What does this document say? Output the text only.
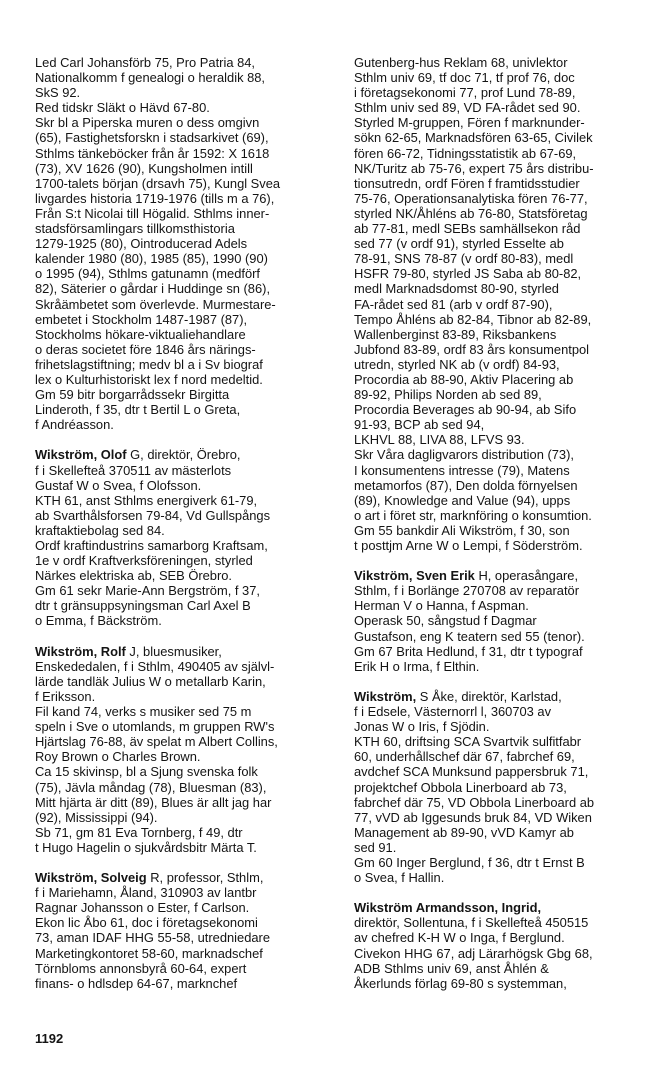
Led Carl Johansförb 75, Pro Patria 84,
Nationalkomm f genealogi o heraldik 88,
SkS 92.
Red tidskr Släkt o Hävd 67-80.
Skr bl a Piperska muren o dess omgivn
(65), Fastighetsforskn i stadsarkivet (69),
Sthlms tänkeböcker från år 1592: X 1618
(73), XV 1626 (90), Kungsholmen intill
1700-talets början (drsavh 75), Kungl Svea
livgardes historia 1719-1976 (tills m a 76),
Från S:t Nicolai till Högalid. Sthlms inner-
stadsförsamlingars tillkomsthistoria
1279-1925 (80), Ointroducerad Adels
kalender 1980 (80), 1985 (85), 1990 (90)
o 1995 (94), Sthlms gatunamn (medförf
82), Säterier o gårdar i Huddinge sn (86),
Skråämbetet som överlevde. Murmestare-
embetet i Stockholm 1487-1987 (87),
Stockholms hökare-viktualiehandlare
o deras societet före 1846 års närings-
frihetslagstiftning; medv bl a i Sv biograf
lex o Kulturhistoriskt lex f nord medeltid.
Gm 59 bitr borgarrådssekr Birgitta
Linderoth, f 35, dtr t Bertil L o Greta,
f Andréasson.
Wikström, Olof G, direktör, Örebro,
f i Skellefteå 370511 av mästerlots
Gustaf W o Svea, f Olofsson.
KTH 61, anst Sthlms energiverk 61-79,
ab Svarthålsforsen 79-84, Vd Gullspångs
kraftaktiebolag sed 84.
Ordf kraftindustrins samarborg Kraftsam,
1e v ordf Kraftverksföreningen, styrled
Närkes elektriska ab, SEB Örebro.
Gm 61 sekr Marie-Ann Bergström, f 37,
dtr t gränsuppsyningsman Carl Axel B
o Emma, f Bäckström.
Wikström, Rolf J, bluesmusiker,
Enskededalen, f i Sthlm, 490405 av självl-
lärde tandläk Julius W o metallarb Karin,
f Eriksson.
Fil kand 74, verks s musiker sed 75 m
speln i Sve o utomlands, m gruppen RW's
Hjärtslag 76-88, äv spelat m Albert Collins,
Roy Brown o Charles Brown.
Ca 15 skivinsp, bl a Sjung svenska folk
(75), Jävla måndag (78), Bluesman (83),
Mitt hjärta är ditt (89), Blues är allt jag har
(92), Mississippi (94).
Sb 71, gm 81 Eva Tornberg, f 49, dtr
t Hugo Hagelin o sjukvårdsbitr Märta T.
Wikström, Solveig R, professor, Sthlm,
f i Mariehamn, Åland, 310903 av lantbr
Ragnar Johansson o Ester, f Carlson.
Ekon lic Åbo 61, doc i företagsekonomi
73, aman IDAF HHG 55-58, utredniedare
Marketingkontoret 58-60, marknadschef
Törnbloms annonsbyrå 60-64, expert
finans- o hdlsdep 64-67, marknchef
Gutenberg-hus Reklam 68, univlektor
Sthlm univ 69, tf doc 71, tf prof 76, doc
i företagsekonomi 77, prof Lund 78-89,
Sthlm univ sed 89, VD FA-rådet sed 90.
Styrled M-gruppen, Fören f marknunder-
sökn 62-65, Marknadsfören 63-65, Civilek
fören 66-72, Tidningsstatistik ab 67-69,
NK/Turitz ab 75-76, expert 75 års distribu-
tionsutredn, ordf Fören f framtidsstudier
75-76, Operationsanalytiska fören 76-77,
styrled NK/Åhléns ab 76-80, Statsföretag
ab 77-81, medl SEBs samhällsekon råd
sed 77 (v ordf 91), styrled Esselte ab
78-91, SNS 78-87 (v ordf 80-83), medl
HSFR 79-80, styrled JS Saba ab 80-82,
medl Marknadsdomst 80-90, styrled
FA-rådet sed 81 (arb v ordf 87-90),
Tempo Åhléns ab 82-84, Tibnor ab 82-89,
Wallenberginst 83-89, Riksbankens
Jubfond 83-89, ordf 83 års konsumentpol
utredn, styrled NK ab (v ordf) 84-93,
Procordia ab 88-90, Aktiv Placering ab
89-92, Philips Norden ab sed 89,
Procordia Beverages ab 90-94, ab Sifo
91-93, BCP ab sed 94,
LKHVL 88, LIVA 88, LFVS 93.
Skr Våra dagligvarors distribution (73),
I konsumentens intresse (79), Matens
metamorfos (87), Den dolda förnyelsen
(89), Knowledge and Value (94), upps
o art i föret str, marknföring o konsumtion.
Gm 55 bankdir Ali Wikström, f 30, son
t posttjm Arne W o Lempi, f Söderström.
Vikström, Sven Erik H, operasångare,
Sthlm, f i Borlänge 270708 av reparatör
Herman V o Hanna, f Aspman.
Operask 50, sångstud f Dagmar
Gustafson, eng K teatern sed 55 (tenor).
Gm 67 Brita Hedlund, f 31, dtr t typograf
Erik H o Irma, f Elthin.
Wikström, S Åke, direktör, Karlstad,
f i Edsele, Västernorrl l, 360703 av
Jonas W o Iris, f Sjödin.
KTH 60, driftsing SCA Svartvik sulfitfabr
60, underhållschef där 67, fabrchef 69,
avdchef SCA Munksund pappersbruk 71,
projektchef Obbola Linerboard ab 73,
fabrchef där 75, VD Obbola Linerboard ab
77, vVD ab Iggesunds bruk 84, VD Wiken
Management ab 89-90, vVD Kamyr ab
sed 91.
Gm 60 Inger Berglund, f 36, dtr t Ernst B
o Svea, f Hallin.
Wikström Armandsson, Ingrid,
direktör, Sollentuna, f i Skellefteå 450515
av chefred K-H W o Inga, f Berglund.
Civekon HHG 67, adj Lärarhögsk Gbg 68,
ADB Sthlms univ 69, anst Åhlén &
Åkerlunds förlag 69-80 s systemman,
1192
